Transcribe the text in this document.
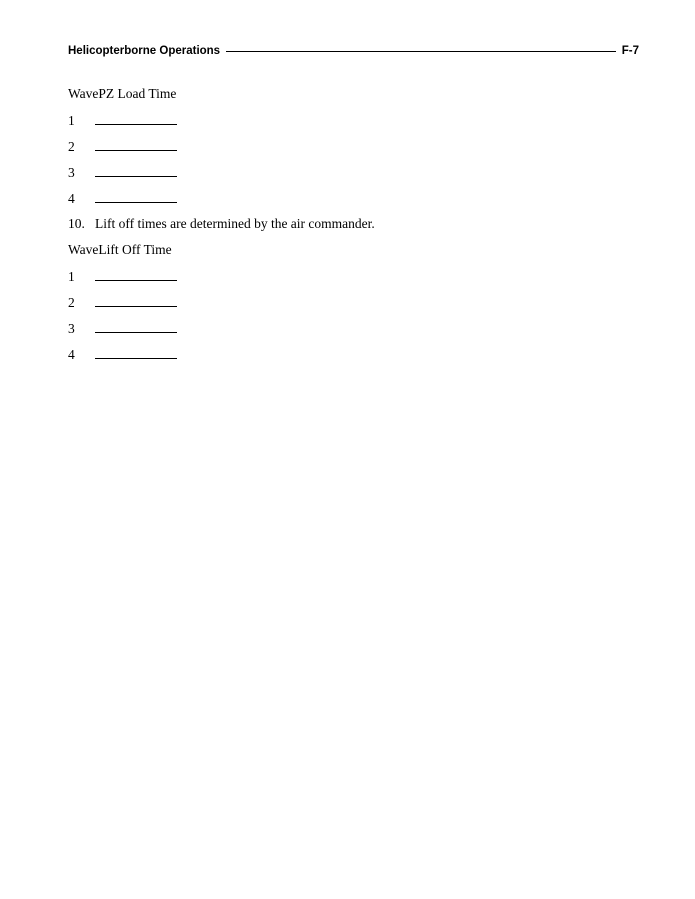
Helicopterborne Operations	F-7
WavePZ Load Time
1
2
3
4
10. Lift off times are determined by the air commander.
WaveLift Off Time
1
2
3
4
